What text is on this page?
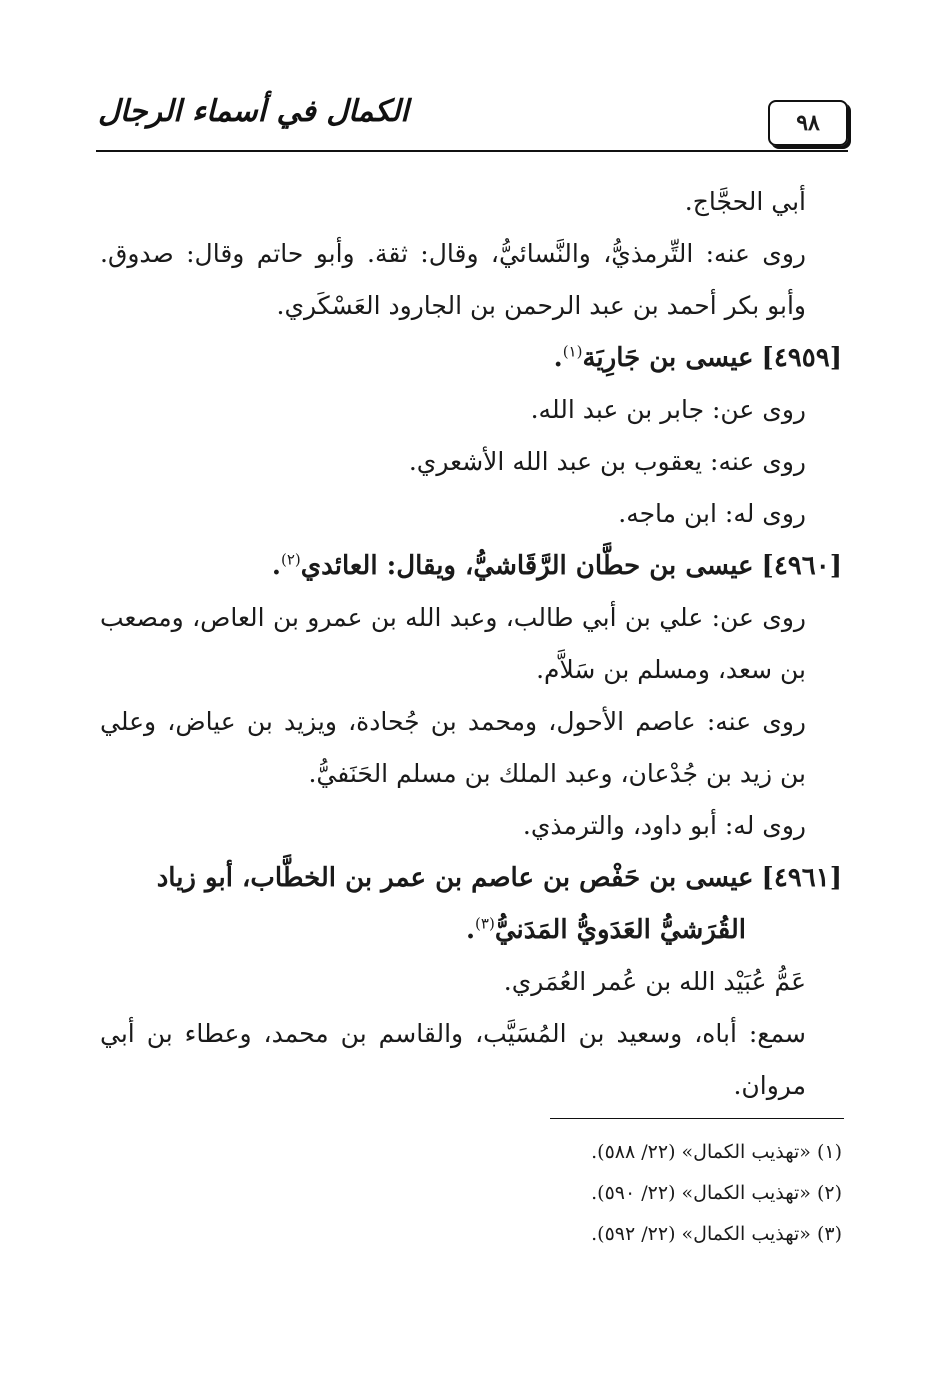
٩٨
الكمال في أسماء الرجال

أبي الحجَّاج.

روى عنه: التِّرمذيُّ، والنَّسائيُّ، وقال: ثقة. وأبو حاتم وقال: صدوق. وأبو بكر أحمد بن عبد الرحمن بن الجارود العَسْكَري.

[٤٩٥٩] عيسى بن جَارِيَة$^{(١)}$.

روى عن: جابر بن عبد الله.

روى عنه: يعقوب بن عبد الله الأشعري.

روى له: ابن ماجه.

[٤٩٦٠] عيسى بن حطَّان الرَّقَاشيُّ، ويقال: العائدي$^{(٢)}$.

روى عن: علي بن أبي طالب، وعبد الله بن عمرو بن العاص، ومصعب بن سعد، ومسلم بن سَلاَّم.

روى عنه: عاصم الأحول، ومحمد بن جُحادة، ويزيد بن عياض، وعلي بن زيد بن جُدْعان، وعبد الملك بن مسلم الحَنَفيُّ.

روى له: أبو داود، والترمذي.

[٤٩٦١] عيسى بن حَفْص بن عاصم بن عمر بن الخطَّاب، أبو زياد

القُرَشيُّ العَدَويُّ المَدَنيُّ$^{(٣)}$.

عَمُّ عُبَيْد الله بن عُمر العُمَري.

سمع: أباه، وسعيد بن المُسَيَّب، والقاسم بن محمد، وعطاء بن أبي مروان.

(١) «تهذيب الكمال» (٢٢/ ٥٨٨).

(٢) «تهذيب الكمال» (٢٢/ ٥٩٠).

(٣) «تهذيب الكمال» (٢٢/ ٥٩٢).
